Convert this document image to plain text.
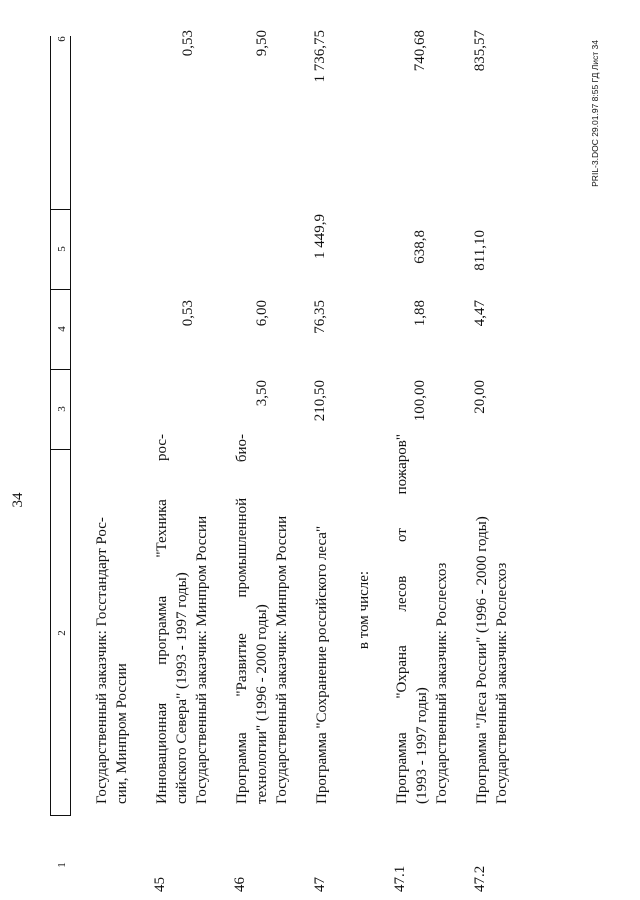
34
1
2
3
4
5
6
Государственный заказчик: Госстандарт Рос- сии, Минпром России
45
Инновационная программа "Техника рос- сийского Севера" (1993 - 1997 годы) Государственный заказчик: Минпром России
0,53
0,53
46
Программа "Развитие промышленной био- технологии" (1996 - 2000 годы) Государственный заказчик: Минпром России
3,50
6,00
9,50
47
Программа "Сохранение российского леса"
210,50
76,35
1 449,9
1 736,75
в том числе:
47.1
Программа "Охрана лесов от пожаров" (1993 - 1997 годы) Государственный заказчик: Рослесхоз
100,00
1,88
638,8
740,68
47.2
Программа "Леса России" (1996 - 2000 годы) Государственный заказчик: Рослесхоз
20,00
4,47
811,10
835,57	PRIL-3.DOC 29.01.97 8:55 ГД Лист 34
